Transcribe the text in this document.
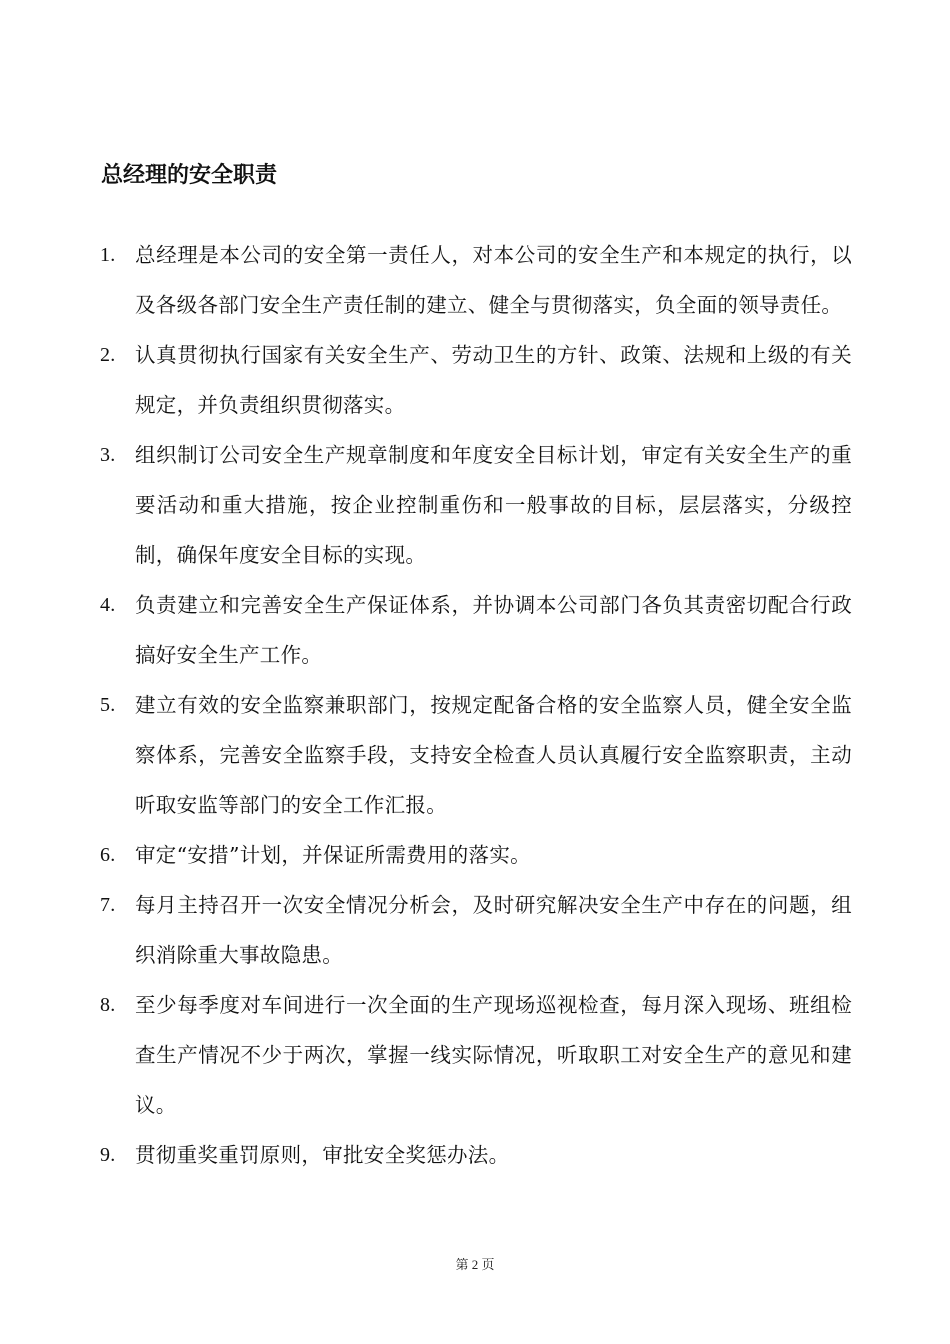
总经理的安全职责
1. 总经理是本公司的安全第一责任人，对本公司的安全生产和本规定的执行，以及各级各部门安全生产责任制的建立、健全与贯彻落实，负全面的领导责任。
2. 认真贯彻执行国家有关安全生产、劳动卫生的方针、政策、法规和上级的有关规定，并负责组织贯彻落实。
3. 组织制订公司安全生产规章制度和年度安全目标计划，审定有关安全生产的重要活动和重大措施，按企业控制重伤和一般事故的目标，层层落实，分级控制，确保年度安全目标的实现。
4. 负责建立和完善安全生产保证体系，并协调本公司部门各负其责密切配合行政搞好安全生产工作。
5. 建立有效的安全监察兼职部门，按规定配备合格的安全监察人员，健全安全监察体系，完善安全监察手段，支持安全检查人员认真履行安全监察职责，主动听取安监等部门的安全工作汇报。
6. 审定“安措”计划，并保证所需费用的落实。
7. 每月主持召开一次安全情况分析会，及时研究解决安全生产中存在的问题，组织消除重大事故隐患。
8. 至少每季度对车间进行一次全面的生产现场巡视检查，每月深入现场、班组检查生产情况不少于两次，掌握一线实际情况，听取职工对安全生产的意见和建议。
9. 贯彻重奖重罚原则，审批安全奖惩办法。
第 2 页
